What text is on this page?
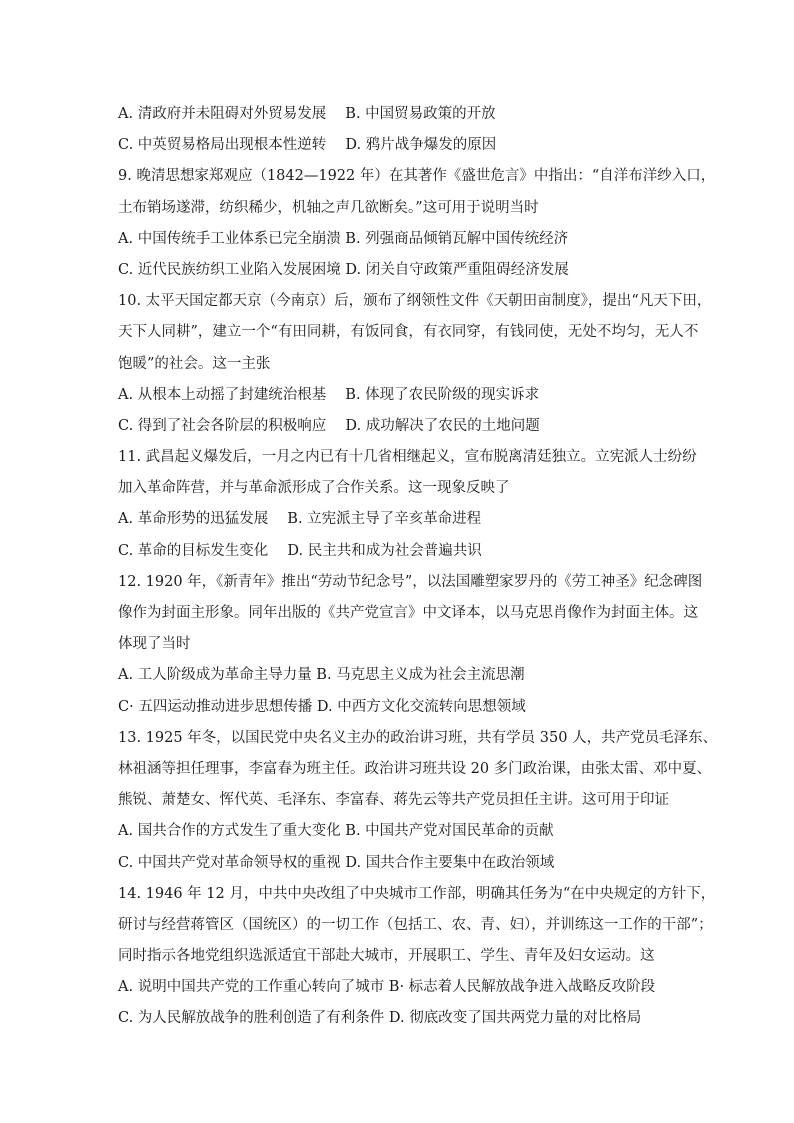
A. 清政府并未阻碍对外贸易发展　 B. 中国贸易政策的开放
C. 中英贸易格局出现根本性逆转　 D. 鸦片战争爆发的原因
9. 晚清思想家郑观应（1842—1922 年）在其著作《盛世危言》中指出：“自洋布洋纱入口，
土布销场遂滞，纺织稀少，机轴之声几欲断矣。”这可用于说明当时
A. 中国传统手工业体系已完全崩溃 B. 列强商品倾销瓦解中国传统经济
C. 近代民族纺织工业陷入发展困境 D. 闭关自守政策严重阻碍经济发展
10. 太平天国定都天京（今南京）后，颁布了纲领性文件《天朝田亩制度》，提出“凡天下田，
天下人同耕”，建立一个“有田同耕，有饭同食，有衣同穿，有钱同使，无处不均匀，无人不
饱暖”的社会。这一主张
A. 从根本上动摇了封建统治根基　 B. 体现了农民阶级的现实诉求
C. 得到了社会各阶层的积极响应　 D. 成功解决了农民的土地问题
11. 武昌起义爆发后，一月之内已有十几省相继起义，宣布脱离清廷独立。立宪派人士纷纷
加入革命阵营，并与革命派形成了合作关系。这一现象反映了
A. 革命形势的迅猛发展　 B. 立宪派主导了辛亥革命进程
C. 革命的目标发生变化　 D. 民主共和成为社会普遍共识
12. 1920 年，《新青年》推出“劳动节纪念号”，以法国雕塑家罗丹的《劳工神圣》纪念碑图
像作为封面主形象。同年出版的《共产党宣言》中文译本，以马克思肖像作为封面主体。这
体现了当时
A. 工人阶级成为革命主导力量 B. 马克思主义成为社会主流思潮
C· 五四运动推动进步思想传播 D. 中西方文化交流转向思想领域
13. 1925 年冬，以国民党中央名义主办的政治讲习班，共有学员 350 人，共产党员毛泽东、
林祖涵等担任理事，李富春为班主任。政治讲习班共设 20 多门政治课，由张太雷、邓中夏、
熊锐、萧楚女、恽代英、毛泽东、李富春、蒋先云等共产党员担任主讲。这可用于印证
A. 国共合作的方式发生了重大变化 B. 中国共产党对国民革命的贡献
C. 中国共产党对革命领导权的重视 D. 国共合作主要集中在政治领域
14. 1946 年 12 月，中共中央改组了中央城市工作部，明确其任务为“在中央规定的方针下，
研讨与经营蒋管区（国统区）的一切工作（包括工、农、青、妇），并训练这一工作的干部”；
同时指示各地党组织选派适宜干部赴大城市，开展职工、学生、青年及妇女运动。这
A. 说明中国共产党的工作重心转向了城市 B· 标志着人民解放战争进入战略反攻阶段
C. 为人民解放战争的胜利创造了有利条件 D. 彻底改变了国共两党力量的对比格局
